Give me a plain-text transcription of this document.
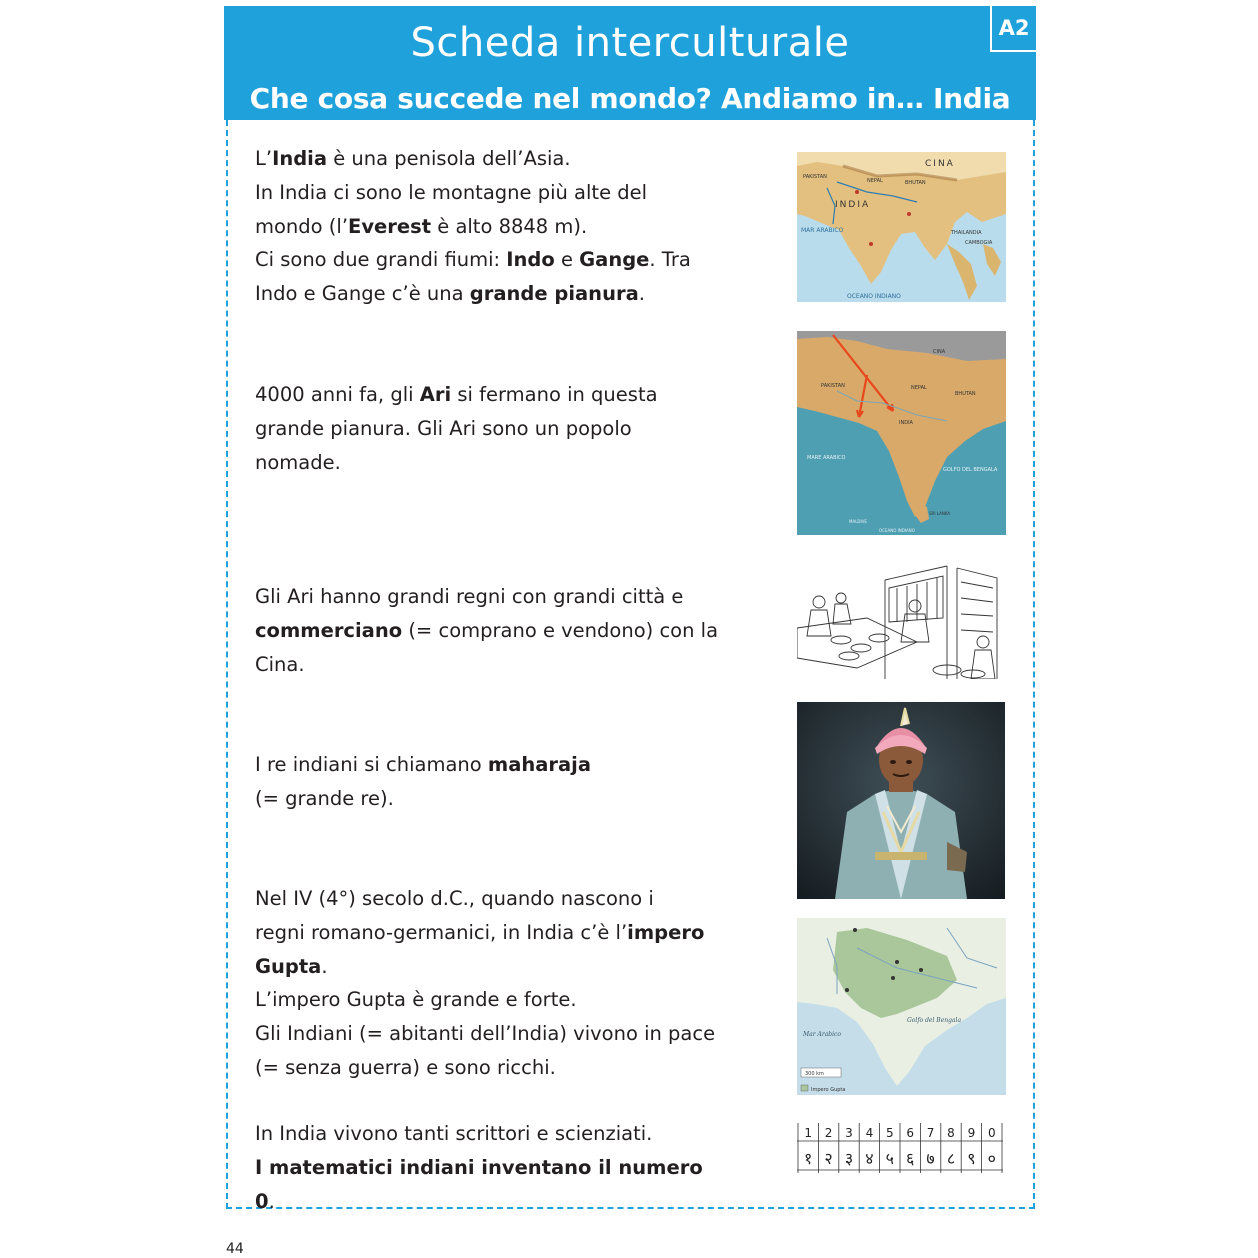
Scheda interculturale
Che cosa succede nel mondo? Andiamo in… India
A2
L’India è una penisola dell’Asia.
In India ci sono le montagne più alte del
mondo (l’Everest è alto 8848 m).
Ci sono due grandi fiumi: Indo e Gange. Tra
Indo e Gange c’è una grande pianura.
4000 anni fa, gli Ari si fermano in questa
grande pianura. Gli Ari sono un popolo
nomade.
Gli Ari hanno grandi regni con grandi città e
commerciano (= comprano e vendono) con la
Cina.
I re indiani si chiamano maharaja
(= grande re).
Nel IV (4°) secolo d.C., quando nascono i
regni romano-germanici, in India c’è l’impero
Gupta.
L’impero Gupta è grande e forte.
Gli Indiani (= abitanti dell’India) vivono in pace
(= senza guerra) e sono ricchi.
In India vivono tanti scrittori e scienziati.
I matematici indiani inventano il numero 0.
CINA
INDIA
MAR ARABICO
OCEANO INDIANO
PAKISTAN
NEPAL	BHUTAN
THAILANDIA
CAMBOGIA
PAKISTAN
INDIA
NEPAL
BHUTAN
CINA
MARE ARABICO
GOLFO DEL BENGALA
SRI LANKA
MALDIVE
OCEANO INDIANO
Mar Arabico
Golfo del Bengala
300 km
Impero Gupta
1 2 3 4 5 6 7 8 9 0
१ २ ३ ४ ५ ६ ७ ८ ९ ०
44
